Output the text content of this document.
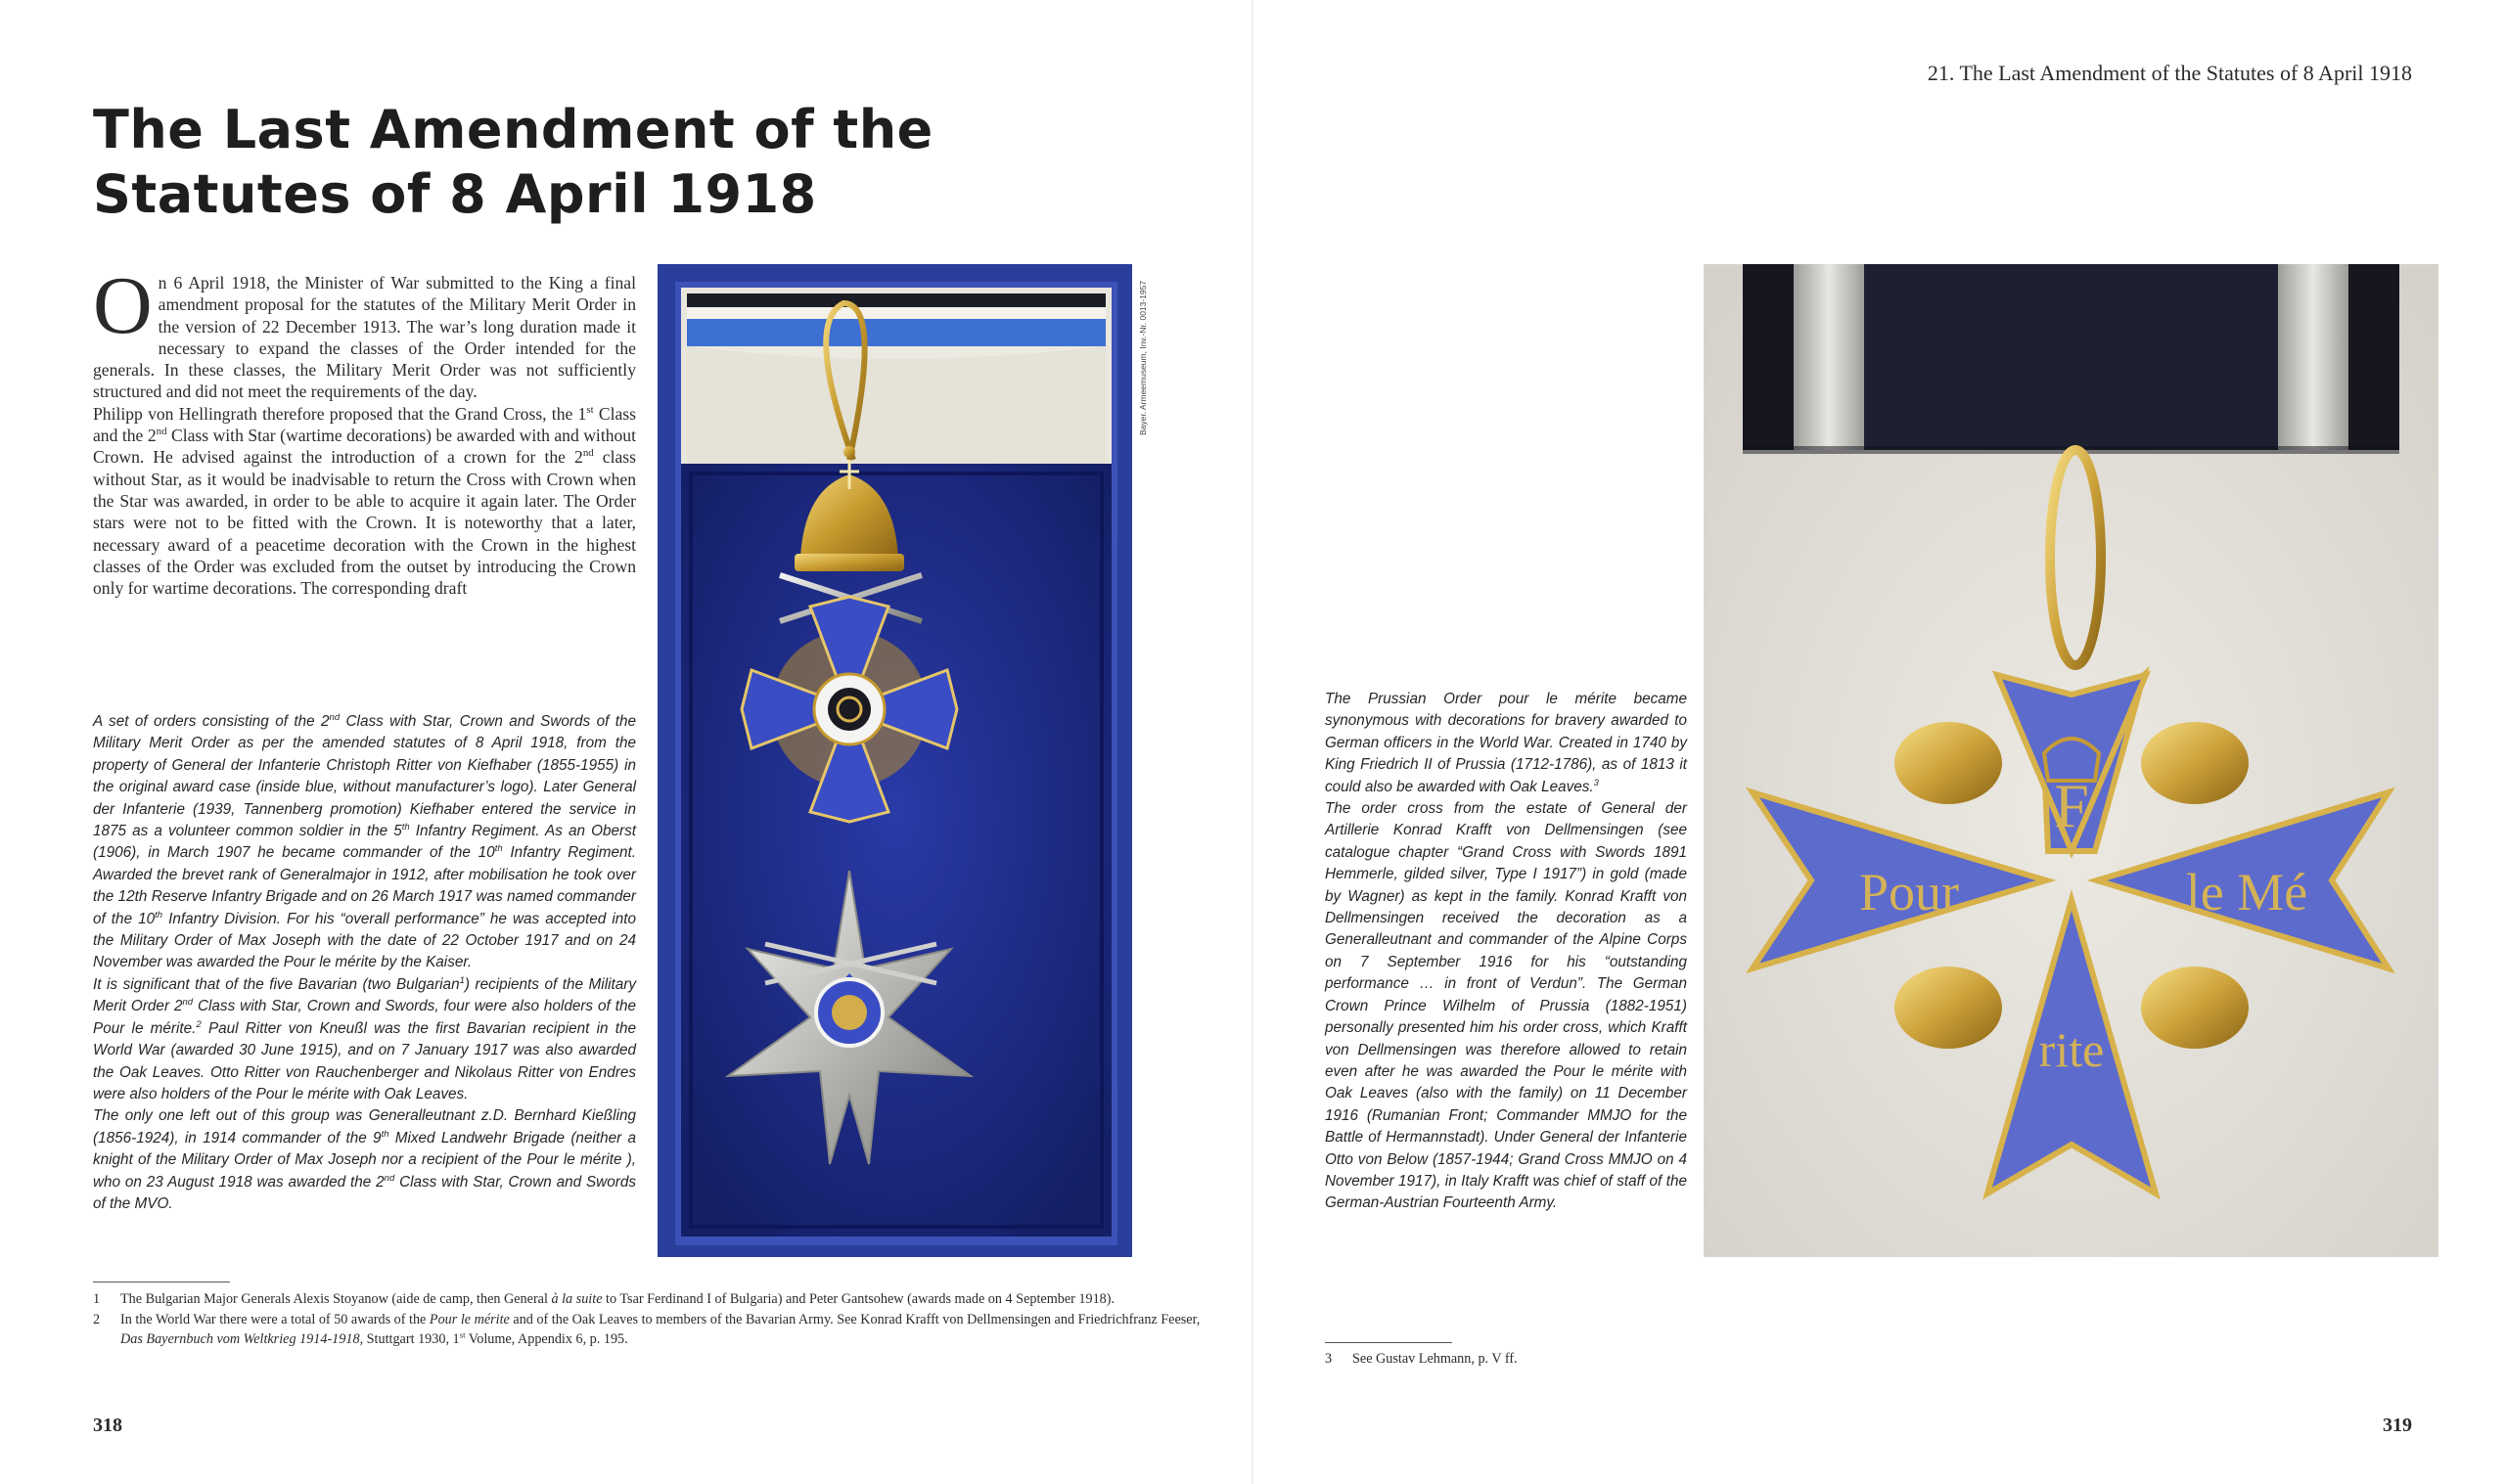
The Last Amendment of the
Statutes of 8 April 1918

On 6 April 1918, the Minister of War submitted to the King a final amendment proposal for the statutes of the Military Merit Order in the version of 22 December 1913. The war’s long duration made it necessary to expand the classes of the Order intended for the generals. In these classes, the Military Merit Order was not sufficiently structured and did not meet the requirements of the day.

Philipp von Hellingrath therefore proposed that the Grand Cross, the 1st Class and the 2nd Class with Star (wartime decorations) be awarded with and without Crown. He advised against the introduction of a crown for the 2nd class without Star, as it would be inadvisable to return the Cross with Crown when the Star was awarded, in order to be able to acquire it again later. The Order stars were not to be fitted with the Crown. It is noteworthy that a later, necessary award of a peacetime decoration with the Crown in the highest classes of the Order was excluded from the outset by introducing the Crown only for wartime decorations. The corresponding draft

A set of orders consisting of the 2nd Class with Star, Crown and Swords of the Military Merit Order as per the amended statutes of 8 April 1918, from the property of General der Infanterie Christoph Ritter von Kiefhaber (1855-1955) in the original award case (inside blue, without manufacturer’s logo). Later General der Infanterie (1939, Tannenberg promotion) Kiefhaber entered the service in 1875 as a volunteer common soldier in the 5th Infantry Regiment. As an Oberst (1906), in March 1907 he became commander of the 10th Infantry Regiment. Awarded the brevet rank of Generalmajor in 1912, after mobilisation he took over the 12th Reserve Infantry Brigade and on 26 March 1917 was named commander of the 10th Infantry Division. For his “overall performance” he was accepted into the Military Order of Max Joseph with the date of 22 October 1917 and on 24 November was awarded the Pour le mérite by the Kaiser.

It is significant that of the five Bavarian (two Bulgarian$^1$) recipients of the Military Merit Order 2nd Class with Star, Crown and Swords, four were also holders of the Pour le mérite.$^2$ Paul Ritter von Kneußl was the first Bavarian recipient in the World War (awarded 30 June 1915), and on 7 January 1917 was also awarded the Oak Leaves. Otto Ritter von Rauchenberger and Nikolaus Ritter von Endres were also holders of the Pour le mérite with Oak Leaves.

The only one left out of this group was Generalleutnant z.D. Bernhard Kießling (1856-1924), in 1914 commander of the 9th Mixed Landwehr Brigade (neither a knight of the Military Order of Max Joseph nor a recipient of the Pour le mérite ), who on 23 August 1918 was awarded the 2nd Class with Star, Crown and Swords of the MVO.

Bayer. Armeemuseum, Inv.-Nr. 0013-1957

1 The Bulgarian Major Generals Alexis Stoyanow (aide de camp, then General à la suite to Tsar Ferdinand I of Bulgaria) and Peter Gantsohew (awards made on 4 September 1918).

2 In the World War there were a total of 50 awards of the Pour le mérite and of the Oak Leaves to members of the Bavarian Army. See Konrad Krafft von Dellmensingen and Friedrichfranz Feeser, Das Bayernbuch vom Weltkrieg 1914-1918, Stuttgart 1930, 1st Volume, Appendix 6, p. 195.

318
21. The Last Amendment of the Statutes of 8 April 1918

The Prussian Order pour le mérite became synonymous with decorations for bravery awarded to German officers in the World War. Created in 1740 by King Friedrich II of Prussia (1712-1786), as of 1813 it could also be awarded with Oak Leaves.$^3$

The order cross from the estate of General der Artillerie Konrad Krafft von Dellmensingen (see catalogue chapter “Grand Cross with Swords 1891 Hemmerle, gilded silver, Type I 1917”) in gold (made by Wagner) as kept in the family. Konrad Krafft von Dellmensingen received the decoration as a Generalleutnant and commander of the Alpine Corps on 7 September 1916 for his “outstanding performance … in front of Verdun”. The German Crown Prince Wilhelm of Prussia (1882-1951) personally presented him his order cross, which Krafft von Dellmensingen was therefore allowed to retain even after he was awarded the Pour le mérite with Oak Leaves (also with the family) on 11 December 1916 (Rumanian Front; Commander MMJO for the Battle of Hermannstadt). Under General der Infanterie Otto von Below (1857-1944; Grand Cross MMJO on 4 November 1917), in Italy Krafft was chief of staff of the German-Austrian Fourteenth Army.

F
Pour	le Mé
rite

3 See Gustav Lehmann, p. V ff.

319
